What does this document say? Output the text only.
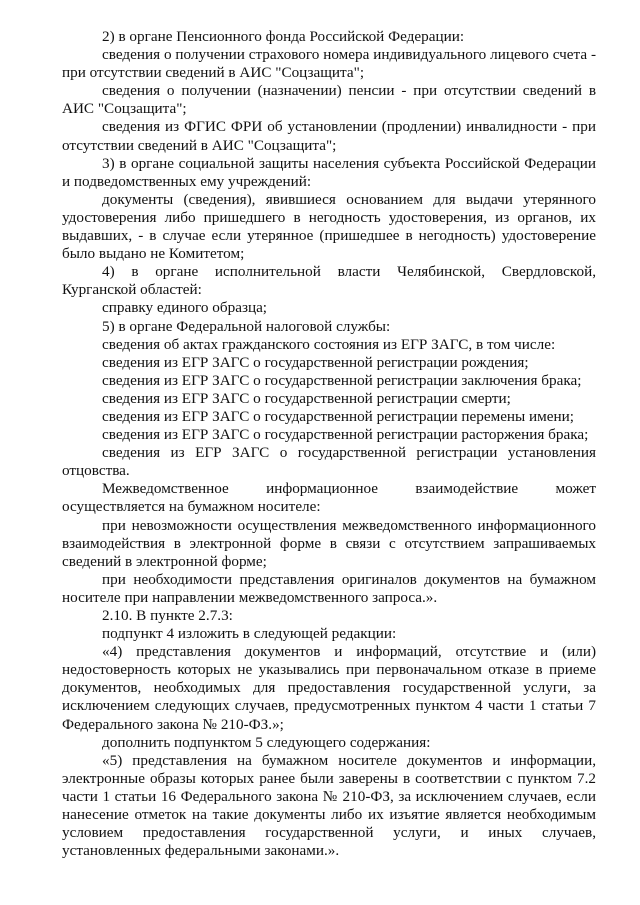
2) в органе Пенсионного фонда Российской Федерации:

сведения о получении страхового номера индивидуального лицевого счета - при отсутствии сведений в АИС "Соцзащита";

сведения о получении (назначении) пенсии - при отсутствии сведений в АИС "Соцзащита";

сведения из ФГИС ФРИ об установлении (продлении) инвалидности - при отсутствии сведений в АИС "Соцзащита";

3) в органе социальной защиты населения субъекта Российской Федерации и подведомственных ему учреждений:

документы (сведения), явившиеся основанием для выдачи утерянного удостоверения либо пришедшего в негодность удостоверения, из органов, их выдавших, - в случае если утерянное (пришедшее в негодность) удостоверение было выдано не Комитетом;

4) в органе исполнительной власти Челябинской, Свердловской, Курганской областей:

справку единого образца;

5) в органе Федеральной налоговой службы:

сведения об актах гражданского состояния из ЕГР ЗАГС, в том числе:

сведения из ЕГР ЗАГС о государственной регистрации рождения;

сведения из ЕГР ЗАГС о государственной регистрации заключения брака;

сведения из ЕГР ЗАГС о государственной регистрации смерти;

сведения из ЕГР ЗАГС о государственной регистрации перемены имени;

сведения из ЕГР ЗАГС о государственной регистрации расторжения брака;

сведения из ЕГР ЗАГС о государственной регистрации установления отцовства.

Межведомственное информационное взаимодействие может осуществляется на бумажном носителе:

при невозможности осуществления межведомственного информационного взаимодействия в электронной форме в связи с отсутствием запрашиваемых сведений в электронной форме;

при необходимости представления оригиналов документов на бумажном носителе при направлении межведомственного запроса.».

2.10. В пункте 2.7.3:

подпункт 4 изложить в следующей редакции:

«4) представления документов и информаций, отсутствие и (или) недостоверность которых не указывались при первоначальном отказе в приеме документов, необходимых для предоставления государственной услуги, за исключением следующих случаев, предусмотренных пунктом 4 части 1 статьи 7 Федерального закона № 210-ФЗ.»;

дополнить подпунктом 5 следующего содержания:

«5) представления на бумажном носителе документов и информации, электронные образы которых ранее были заверены в соответствии с пунктом 7.2 части 1 статьи 16 Федерального закона № 210-ФЗ, за исключением случаев, если нанесение отметок на такие документы либо их изъятие является необходимым условием предоставления государственной услуги, и иных случаев, установленных федеральными законами.».
